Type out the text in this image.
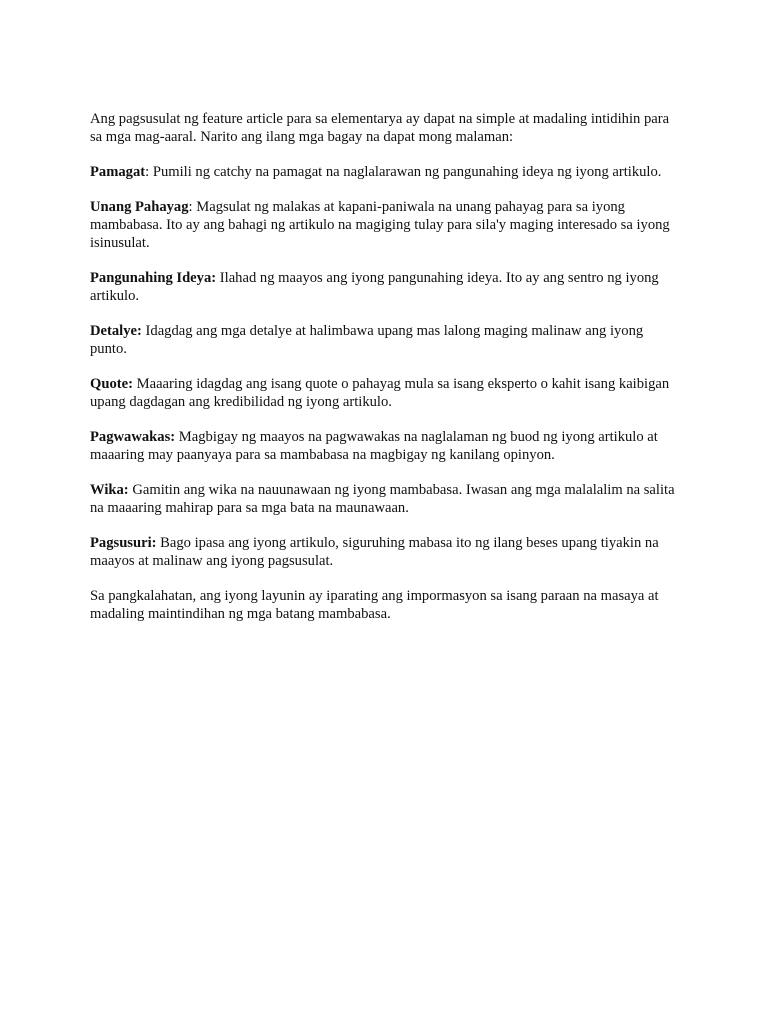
Ang pagsusulat ng feature article para sa elementarya ay dapat na simple at madaling intidihin para sa mga mag-aaral. Narito ang ilang mga bagay na dapat mong malaman:

Pamagat: Pumili ng catchy na pamagat na naglalarawan ng pangunahing ideya ng iyong artikulo.

Unang Pahayag: Magsulat ng malakas at kapani-paniwala na unang pahayag para sa iyong mambabasa. Ito ay ang bahagi ng artikulo na magiging tulay para sila'y maging interesado sa iyong isinusulat.

Pangunahing Ideya: Ilahad ng maayos ang iyong pangunahing ideya. Ito ay ang sentro ng iyong artikulo.

Detalye: Idagdag ang mga detalye at halimbawa upang mas lalong maging malinaw ang iyong punto.

Quote: Maaaring idagdag ang isang quote o pahayag mula sa isang eksperto o kahit isang kaibigan upang dagdagan ang kredibilidad ng iyong artikulo.

Pagwawakas: Magbigay ng maayos na pagwawakas na naglalaman ng buod ng iyong artikulo at maaaring may paanyaya para sa mambabasa na magbigay ng kanilang opinyon.

Wika: Gamitin ang wika na nauunawaan ng iyong mambabasa. Iwasan ang mga malalalim na salita na maaaring mahirap para sa mga bata na maunawaan.

Pagsusuri: Bago ipasa ang iyong artikulo, siguruhing mabasa ito ng ilang beses upang tiyakin na maayos at malinaw ang iyong pagsusulat.

Sa pangkalahatan, ang iyong layunin ay iparating ang impormasyon sa isang paraan na masaya at madaling maintindihan ng mga batang mambabasa.
